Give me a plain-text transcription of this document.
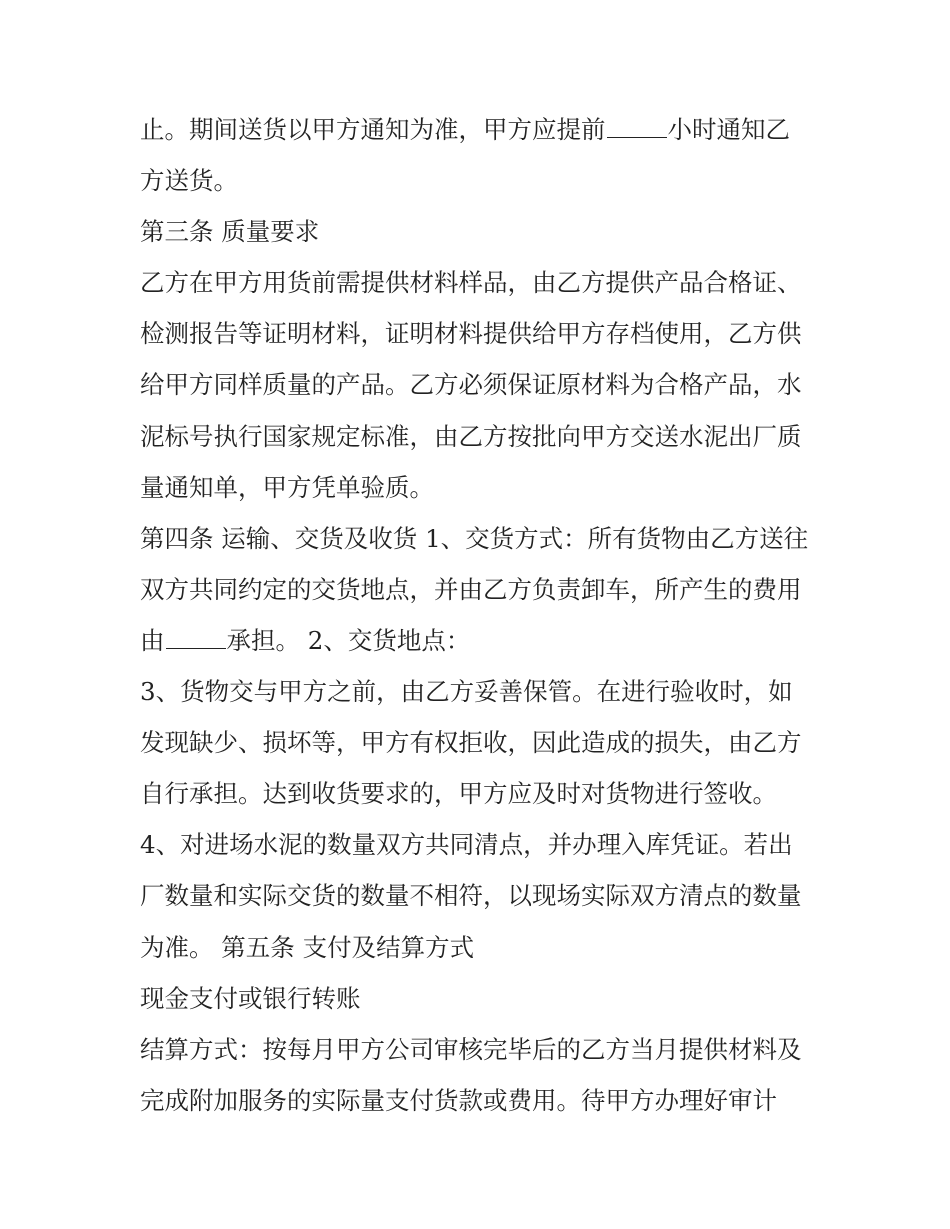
止。期间送货以甲方通知为准，甲方应提前	小时通知乙
方送货。
第三条 质量要求
乙方在甲方用货前需提供材料样品，由乙方提供产品合格证、
检测报告等证明材料，证明材料提供给甲方存档使用，乙方供
给甲方同样质量的产品。乙方必须保证原材料为合格产品，水
泥标号执行国家规定标准，由乙方按批向甲方交送水泥出厂质
量通知单，甲方凭单验质。
第四条 运输、交货及收货 1、交货方式：所有货物由乙方送往
双方共同约定的交货地点，并由乙方负责卸车，所产生的费用
由	承担。 2、交货地点：
3、货物交与甲方之前，由乙方妥善保管。在进行验收时，如
发现缺少、损坏等，甲方有权拒收，因此造成的损失，由乙方
自行承担。达到收货要求的，甲方应及时对货物进行签收。
4、对进场水泥的数量双方共同清点，并办理入库凭证。若出
厂数量和实际交货的数量不相符，以现场实际双方清点的数量
为准。 第五条 支付及结算方式
现金支付或银行转账
结算方式：按每月甲方公司审核完毕后的乙方当月提供材料及
完成附加服务的实际量支付货款或费用。待甲方办理好审计
